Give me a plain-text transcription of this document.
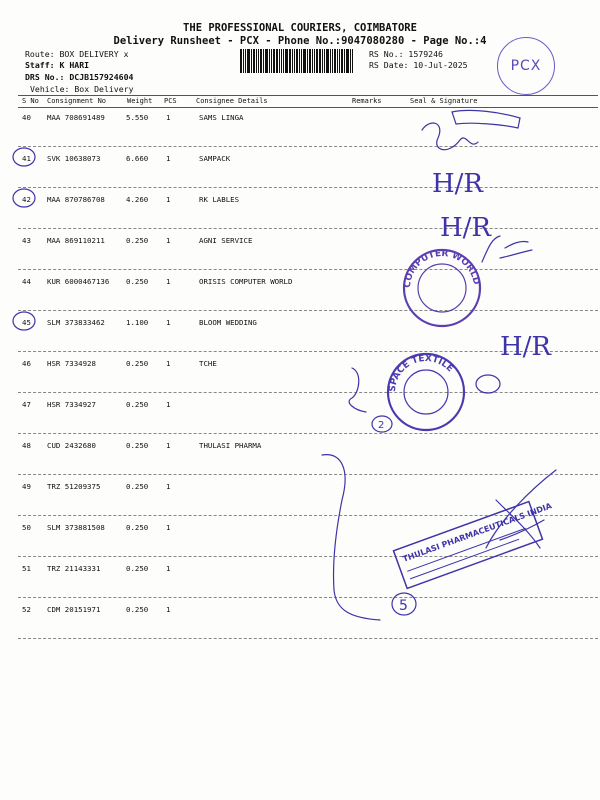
THE PROFESSIONAL COURIERS, COIMBATORE
Delivery Runsheet - PCX - Phone No.:9047080280 - Page No.:4
Route: BOX DELIVERY x
Staff: K HARI
DRS No.: DCJB157924604
Vehicle: Box Delivery
RS No.: 1579246
RS Date: 10-Jul-2025	PCX
S No Consignment No	Weight PCS	Consignee Details	Remarks	Seal & Signature
40 MAA 708691489	5.550 1	SAMS LINGA
41 SVK 10638073	6.660 1	SAMPACK
42 MAA 870786708	4.260 1	RK LABLES
43 MAA 869110211	0.250 1	AGNI SERVICE
44 KUR 6000467136 0.250 1	ORISIS COMPUTER WORLD
45 SLM 373833462	1.100 1	BLOOM WEDDING
46 HSR 7334928	0.250 1	TCHE
47 HSR 7334927	0.250 1
48 CUD 2432680	0.250 1	THULASI PHARMA
49 TRZ 51209375	0.250 1
50 SLM 373881508	0.250 1
51 TRZ 21143331	0.250 1
52 CDM 20151971	0.250 1
H/R
H/R
H/R
2
5
COMPUTER WORLD
SPACE TEXTILE
THULASI PHARMACEUTICALS INDIA
